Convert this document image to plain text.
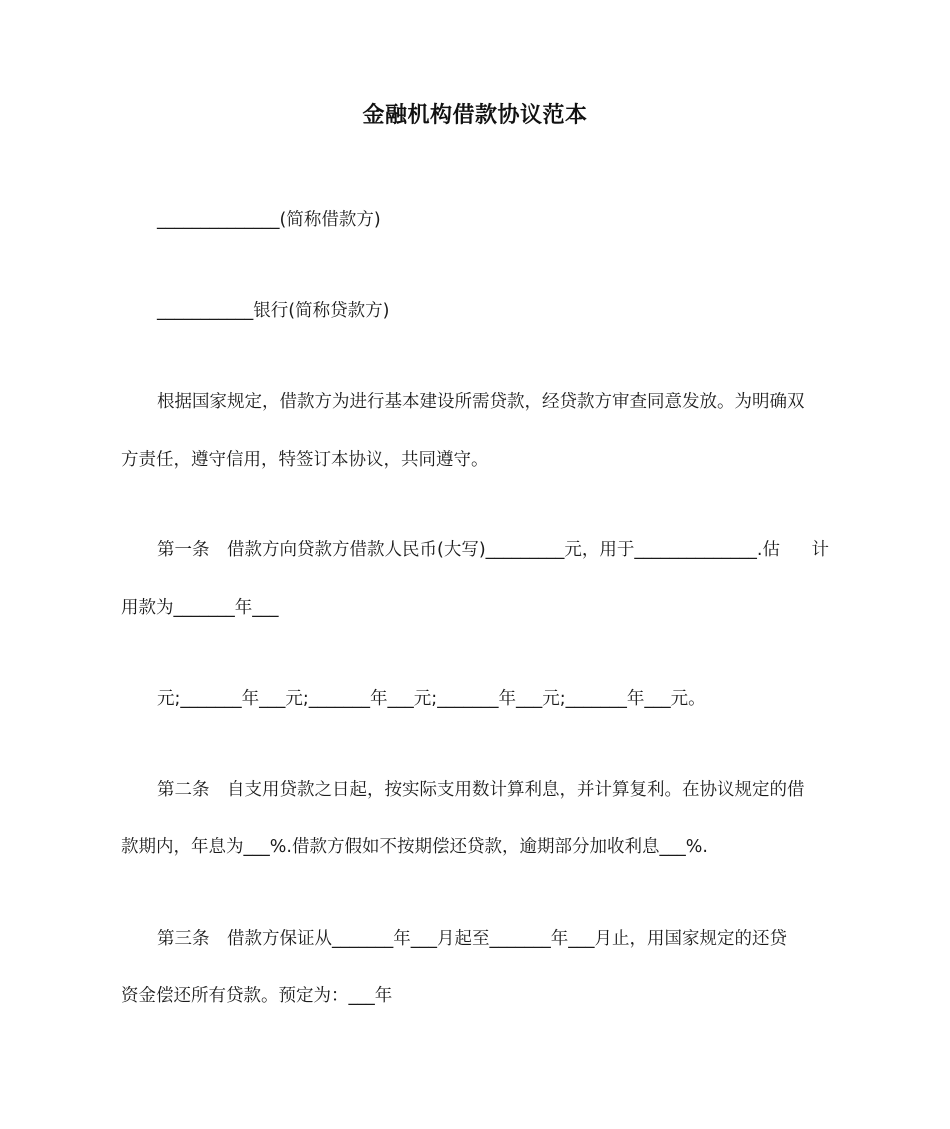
金融机构借款协议范本
______________(简称借款方)
___________银行(简称贷款方)
根据国家规定，借款方为进行基本建设所需贷款，经贷款方审查同意发放。为明确双
方责任，遵守信用，特签订本协议，共同遵守。
第一条　借款方向贷款方借款人民币(大写)_________元，用于______________.估 计
用款为_______年___
元;_______年___元;_______年___元;_______年___元;_______年___元。
第二条　自支用贷款之日起，按实际支用数计算利息，并计算复利。在协议规定的借
款期内，年息为___%.借款方假如不按期偿还贷款，逾期部分加收利息___%.
第三条　借款方保证从_______年___月起至_______年___月止，用国家规定的还贷
资金偿还所有贷款。预定为：___年
